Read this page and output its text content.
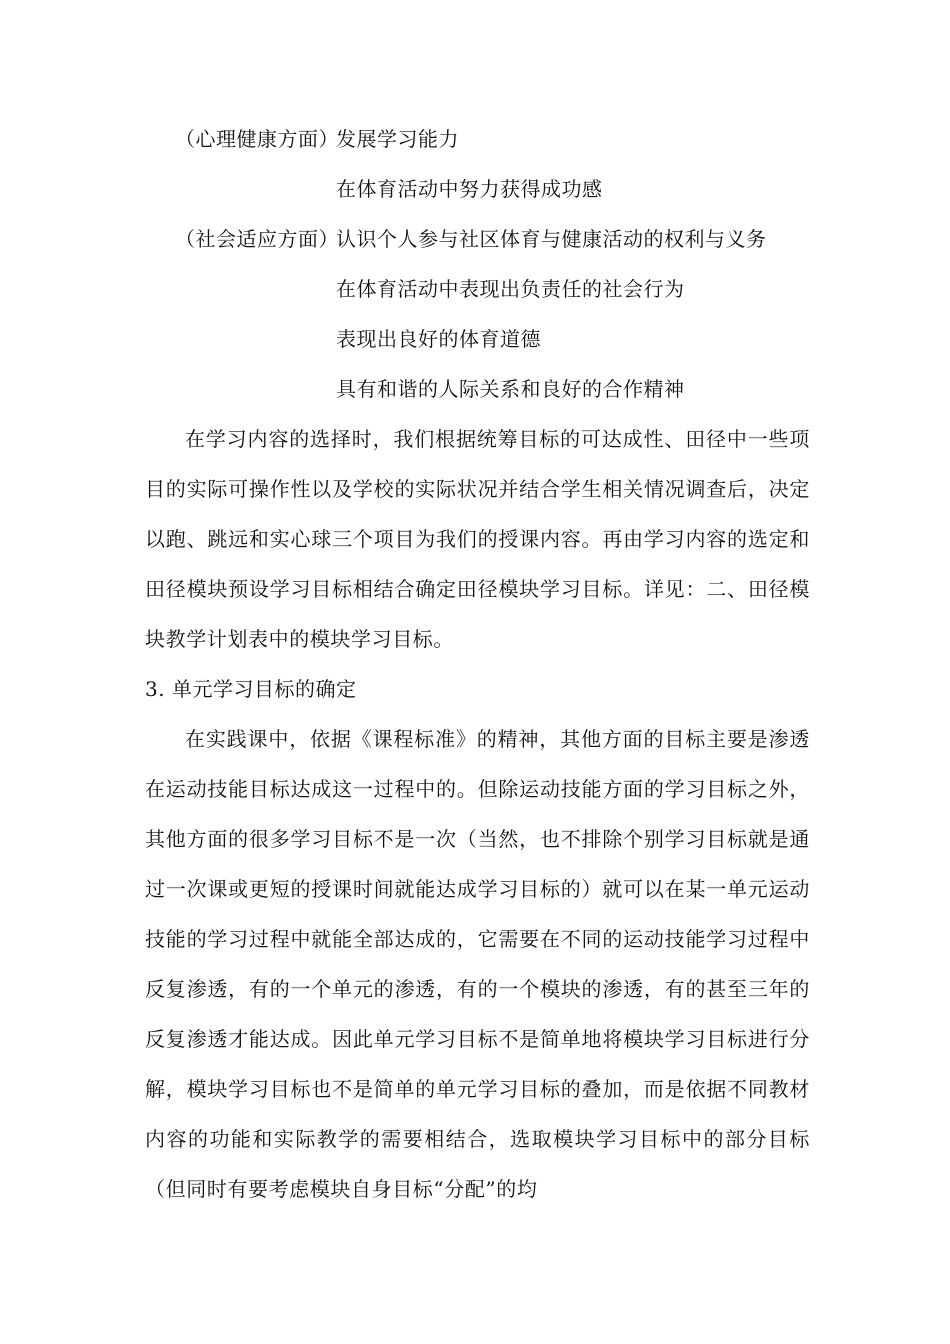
（心理健康方面）
发展学习能力
在体育活动中努力获得成功感
（社会适应方面）
认识个人参与社区体育与健康活动的权利与义务
在体育活动中表现出负责任的社会行为
表现出良好的体育道德
具有和谐的人际关系和良好的合作精神
在学习内容的选择时，我们根据统筹目标的可达成性、田径中一些项目的实际可操作性以及学校的实际状况并结合学生相关情况调查后，决定以跑、跳远和实心球三个项目为我们的授课内容。再由学习内容的选定和田径模块预设学习目标相结合确定田径模块学习目标。详见：二、田径模块教学计划表中的模块学习目标。
3. 单元学习目标的确定
在实践课中，依据《课程标准》的精神，其他方面的目标主要是渗透在运动技能目标达成这一过程中的。但除运动技能方面的学习目标之外，其他方面的很多学习目标不是一次（当然，也不排除个别学习目标就是通过一次课或更短的授课时间就能达成学习目标的）就可以在某一单元运动技能的学习过程中就能全部达成的，它需要在不同的运动技能学习过程中反复渗透，有的一个单元的渗透，有的一个模块的渗透，有的甚至三年的反复渗透才能达成。因此单元学习目标不是简单地将模块学习目标进行分解，模块学习目标也不是简单的单元学习目标的叠加，而是依据不同教材内容的功能和实际教学的需要相结合，选取模块学习目标中的部分目标（但同时有要考虑模块自身目标“分配”的均
